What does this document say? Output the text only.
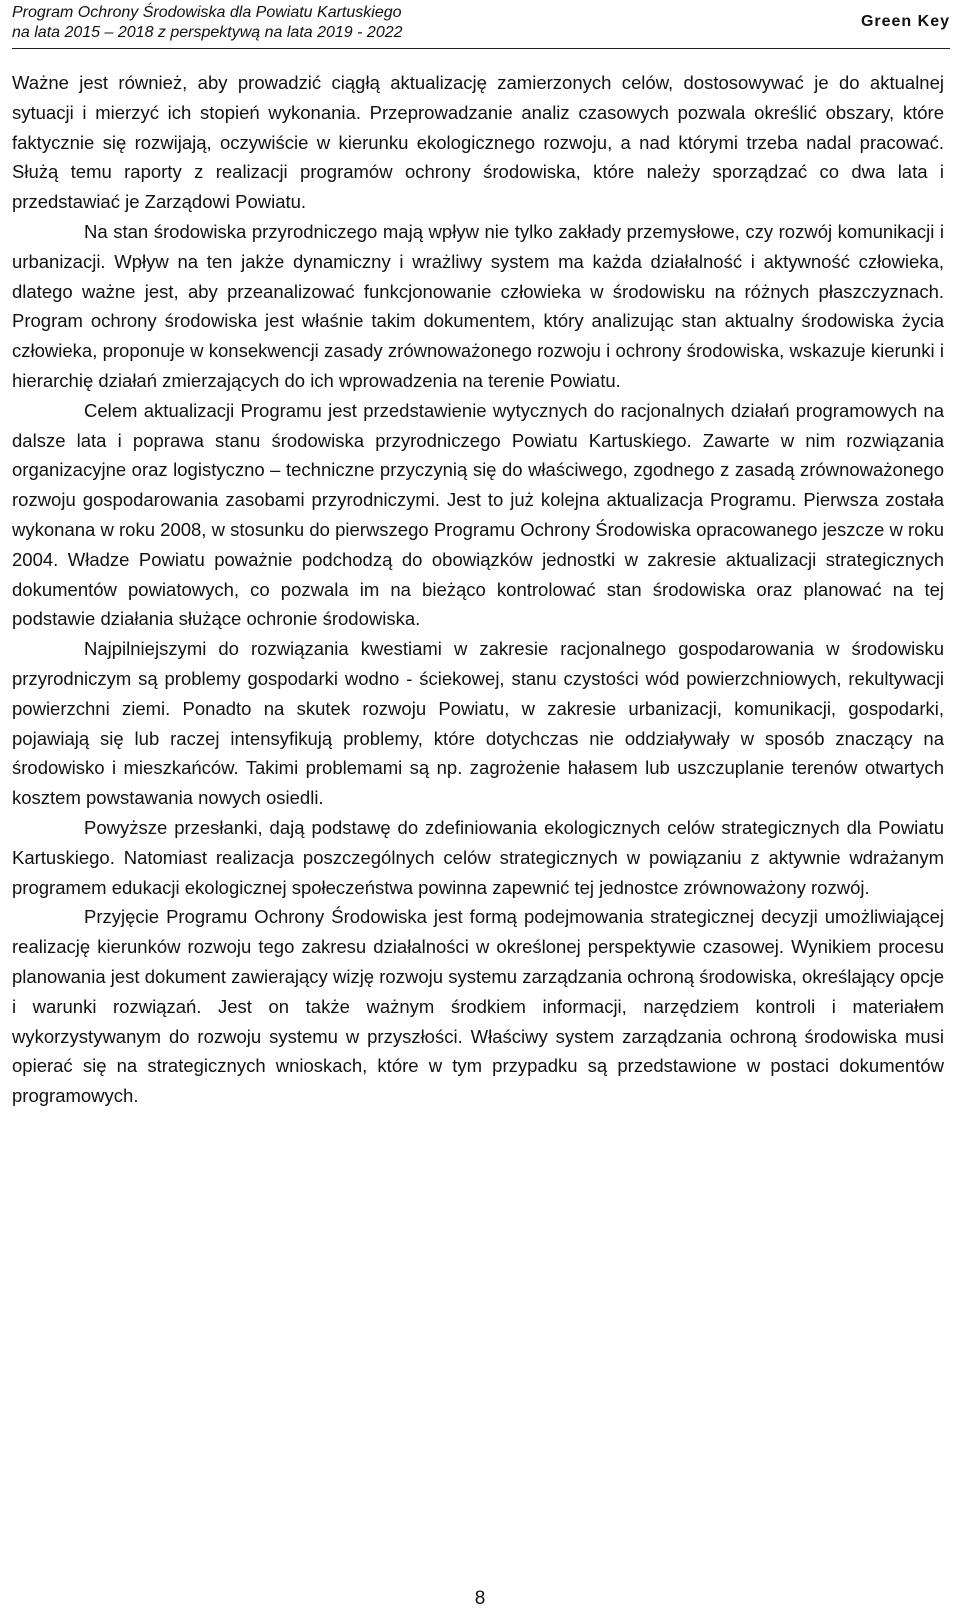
Program Ochrony Środowiska dla Powiatu Kartuskiego
na lata 2015 – 2018 z perspektywą na lata 2019 - 2022
Green Key

Ważne jest również, aby prowadzić ciągłą aktualizację zamierzonych celów, dostosowywać je do aktualnej sytuacji i mierzyć ich stopień wykonania. Przeprowadzanie analiz czasowych pozwala określić obszary, które faktycznie się rozwijają, oczywiście w kierunku ekologicznego rozwoju, a nad którymi trzeba nadal pracować. Służą temu raporty z realizacji programów ochrony środowiska, które należy sporządzać co dwa lata i przedstawiać je Zarządowi Powiatu.

Na stan środowiska przyrodniczego mają wpływ nie tylko zakłady przemysłowe, czy rozwój komunikacji i urbanizacji. Wpływ na ten jakże dynamiczny i wrażliwy system ma każda działalność i aktywność człowieka, dlatego ważne jest, aby przeanalizować funkcjonowanie człowieka w środowisku na różnych płaszczyznach. Program ochrony środowiska jest właśnie takim dokumentem, który analizując stan aktualny środowiska życia człowieka, proponuje w konsekwencji zasady zrównoważonego rozwoju i ochrony środowiska, wskazuje kierunki i hierarchię działań zmierzających do ich wprowadzenia na terenie Powiatu.

Celem aktualizacji Programu jest przedstawienie wytycznych do racjonalnych działań programowych na dalsze lata i poprawa stanu środowiska przyrodniczego Powiatu Kartuskiego. Zawarte w nim rozwiązania organizacyjne oraz logistyczno – techniczne przyczynią się do właściwego, zgodnego z zasadą zrównoważonego rozwoju gospodarowania zasobami przyrodniczymi. Jest to już kolejna aktualizacja Programu. Pierwsza została wykonana w roku 2008, w stosunku do pierwszego Programu Ochrony Środowiska opracowanego jeszcze w roku 2004. Władze Powiatu poważnie podchodzą do obowiązków jednostki w zakresie aktualizacji strategicznych dokumentów powiatowych, co pozwala im na bieżąco kontrolować stan środowiska oraz planować na tej podstawie działania służące ochronie środowiska.

Najpilniejszymi do rozwiązania kwestiami w zakresie racjonalnego gospodarowania w środowisku przyrodniczym są problemy gospodarki wodno - ściekowej, stanu czystości wód powierzchniowych, rekultywacji powierzchni ziemi. Ponadto na skutek rozwoju Powiatu, w zakresie urbanizacji, komunikacji, gospodarki, pojawiają się lub raczej intensyfikują problemy, które dotychczas nie oddziaływały w sposób znaczący na środowisko i mieszkańców. Takimi problemami są np. zagrożenie hałasem lub uszczuplanie terenów otwartych kosztem powstawania nowych osiedli.

Powyższe przesłanki, dają podstawę do zdefiniowania ekologicznych celów strategicznych dla Powiatu Kartuskiego. Natomiast realizacja poszczególnych celów strategicznych w powiązaniu z aktywnie wdrażanym programem edukacji ekologicznej społeczeństwa powinna zapewnić tej jednostce zrównoważony rozwój.

Przyjęcie Programu Ochrony Środowiska jest formą podejmowania strategicznej decyzji umożliwiającej realizację kierunków rozwoju tego zakresu działalności w określonej perspektywie czasowej. Wynikiem procesu planowania jest dokument zawierający wizję rozwoju systemu zarządzania ochroną środowiska, określający opcje i warunki rozwiązań. Jest on także ważnym środkiem informacji, narzędziem kontroli i materiałem wykorzystywanym do rozwoju systemu w przyszłości. Właściwy system zarządzania ochroną środowiska musi opierać się na strategicznych wnioskach, które w tym przypadku są przedstawione w postaci dokumentów programowych.

8
